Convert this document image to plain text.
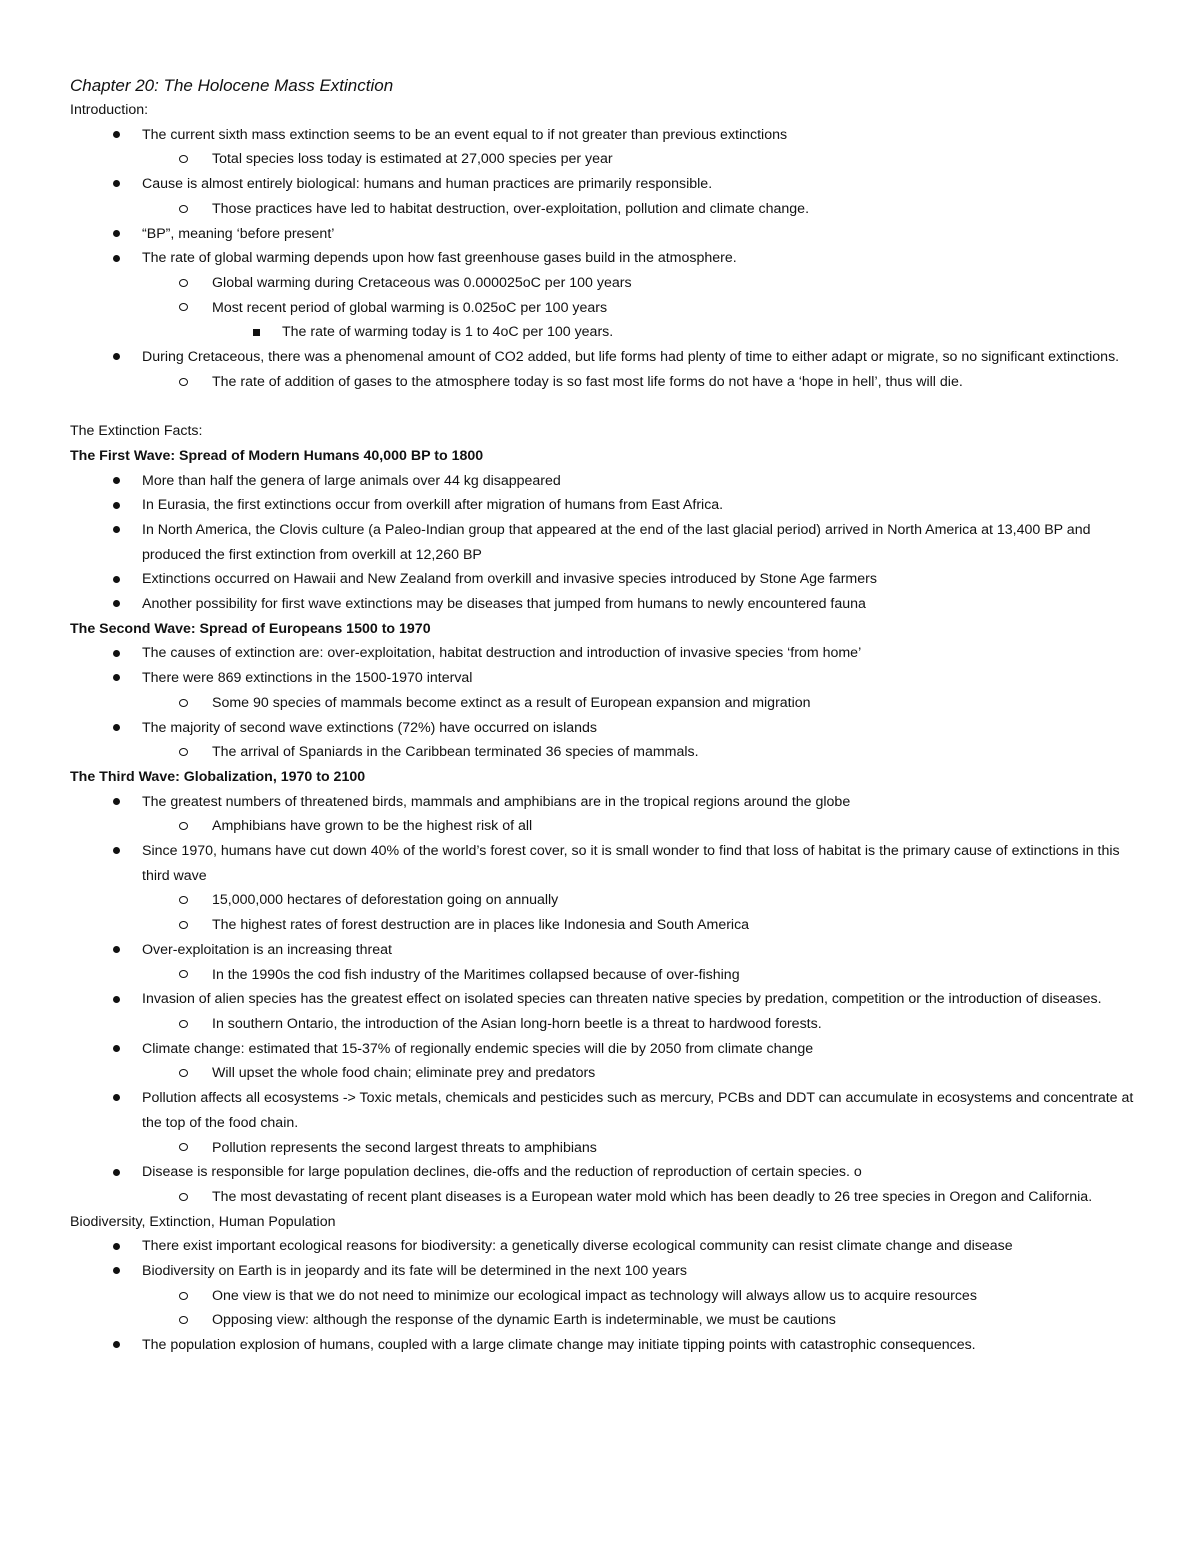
Chapter 20: The Holocene Mass Extinction
Introduction:
The current sixth mass extinction seems to be an event equal to if not greater than previous extinctions
Total species loss today is estimated at 27,000 species per year
Cause is almost entirely biological: humans and human practices are primarily responsible.
Those practices have led to habitat destruction, over-exploitation, pollution and climate change.
“BP”, meaning ‘before present’
The rate of global warming depends upon how fast greenhouse gases build in the atmosphere.
Global warming during Cretaceous was 0.000025oC per 100 years
Most recent period of global warming is 0.025oC per 100 years
The rate of warming today is 1 to 4oC per 100 years.
During Cretaceous, there was a phenomenal amount of CO2 added, but life forms had plenty of time to either adapt or migrate, so no significant extinctions.
The rate of addition of gases to the atmosphere today is so fast most life forms do not have a ‘hope in hell’, thus will die.
The Extinction Facts:
The First Wave: Spread of Modern Humans 40,000 BP to 1800
More than half the genera of large animals over 44 kg disappeared
In Eurasia, the first extinctions occur from overkill after migration of humans from East Africa.
In North America, the Clovis culture (a Paleo-Indian group that appeared at the end of the last glacial period) arrived in North America at 13,400 BP and produced the first extinction from overkill at 12,260 BP
Extinctions occurred on Hawaii and New Zealand from overkill and invasive species introduced by Stone Age farmers
Another possibility for first wave extinctions may be diseases that jumped from humans to newly encountered fauna
The Second Wave: Spread of Europeans 1500 to 1970
The causes of extinction are: over-exploitation, habitat destruction and introduction of invasive species ‘from home’
There were 869 extinctions in the 1500-1970 interval
Some 90 species of mammals become extinct as a result of European expansion and migration
The majority of second wave extinctions (72%) have occurred on islands
The arrival of Spaniards in the Caribbean terminated 36 species of mammals.
The Third Wave: Globalization, 1970 to 2100
The greatest numbers of threatened birds, mammals and amphibians are in the tropical regions around the globe
Amphibians have grown to be the highest risk of all
Since 1970, humans have cut down 40% of the world’s forest cover, so it is small wonder to find that loss of habitat is the primary cause of extinctions in this third wave
15,000,000 hectares of deforestation going on annually
The highest rates of forest destruction are in places like Indonesia and South America
Over-exploitation is an increasing threat
In the 1990s the cod fish industry of the Maritimes collapsed because of over-fishing
Invasion of alien species has the greatest effect on isolated species can threaten native species by predation, competition or the introduction of diseases.
In southern Ontario, the introduction of the Asian long-horn beetle is a threat to hardwood forests.
Climate change: estimated that 15-37% of regionally endemic species will die by 2050 from climate change
Will upset the whole food chain; eliminate prey and predators
Pollution affects all ecosystems -> Toxic metals, chemicals and pesticides such as mercury, PCBs and DDT can accumulate in ecosystems and concentrate at the top of the food chain.
Pollution represents the second largest threats to amphibians
Disease is responsible for large population declines, die-offs and the reduction of reproduction of certain species. o
The most devastating of recent plant diseases is a European water mold which has been deadly to 26 tree species in Oregon and California.
Biodiversity, Extinction, Human Population
There exist important ecological reasons for biodiversity: a genetically diverse ecological community can resist climate change and disease
Biodiversity on Earth is in jeopardy and its fate will be determined in the next 100 years
One view is that we do not need to minimize our ecological impact as technology will always allow us to acquire resources
Opposing view: although the response of the dynamic Earth is indeterminable, we must be cautions
The population explosion of humans, coupled with a large climate change may initiate tipping points with catastrophic consequences.
